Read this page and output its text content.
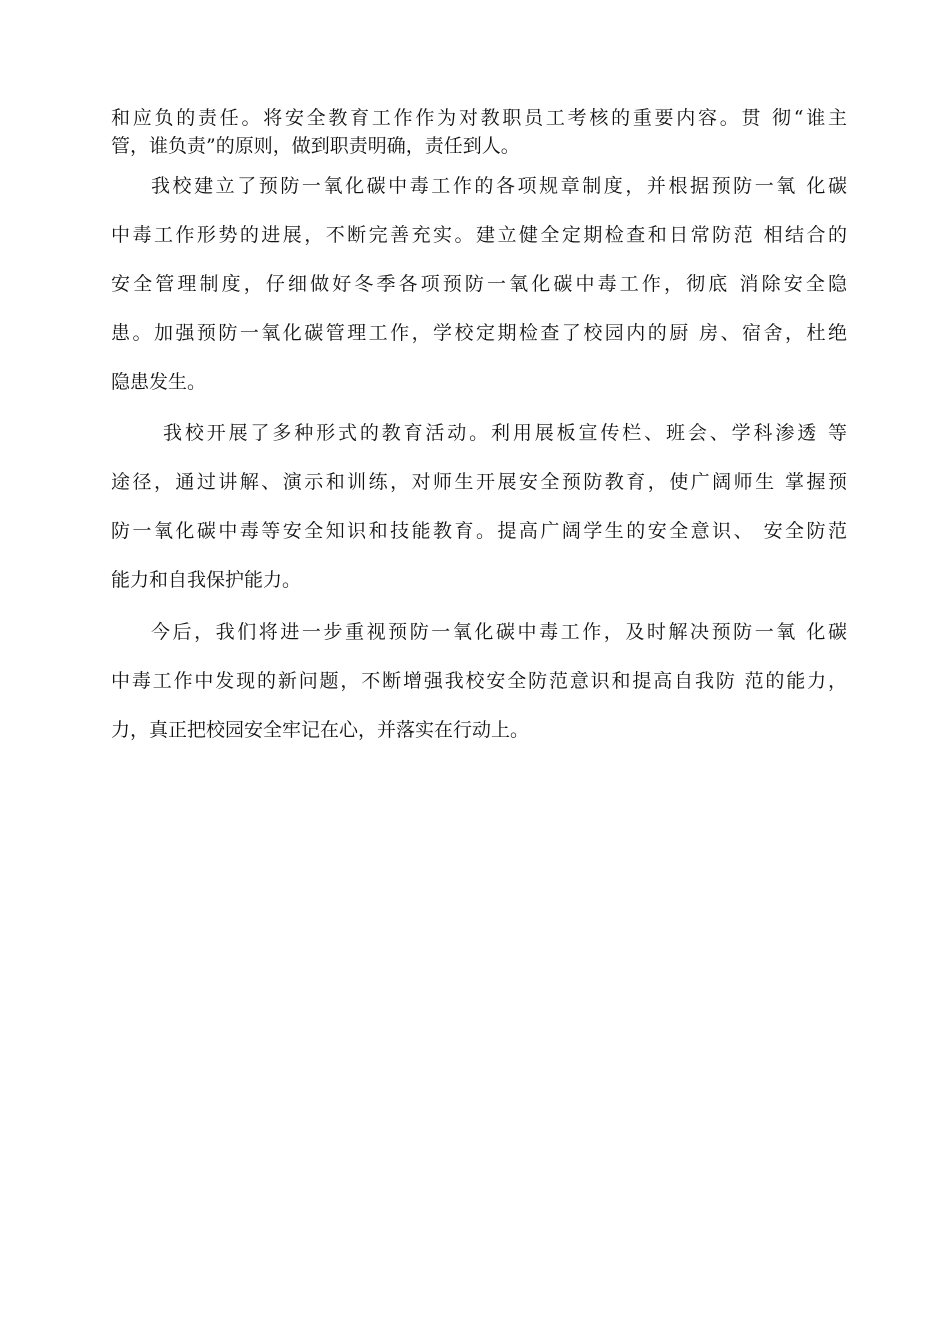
和应负的责任。将安全教育工作作为对教职员工考核的重要内容。贯 彻“谁主
管，谁负责”的原则，做到职责明确，责任到人。
我校建立了预防一氧化碳中毒工作的各项规章制度，并根据预防一氧 化碳
中毒工作形势的进展，不断完善充实。建立健全定期检查和日常防范 相结合的
安全管理制度，仔细做好冬季各项预防一氧化碳中毒工作，彻底 消除安全隐
患。加强预防一氧化碳管理工作，学校定期检查了校园内的厨 房、宿舍，杜绝
隐患发生。
我校开展了多种形式的教育活动。利用展板宣传栏、班会、学科渗透 等
途径，通过讲解、演示和训练，对师生开展安全预防教育，使广阔师生 掌握预
防一氧化碳中毒等安全知识和技能教育。提高广阔学生的安全意识、 安全防范
能力和自我保护能力。
今后，我们将进一步重视预防一氧化碳中毒工作，及时解决预防一氧 化碳
中毒工作中发现的新问题，不断增强我校安全防范意识和提高自我防 范的能力，
力，真正把校园安全牢记在心，并落实在行动上。
